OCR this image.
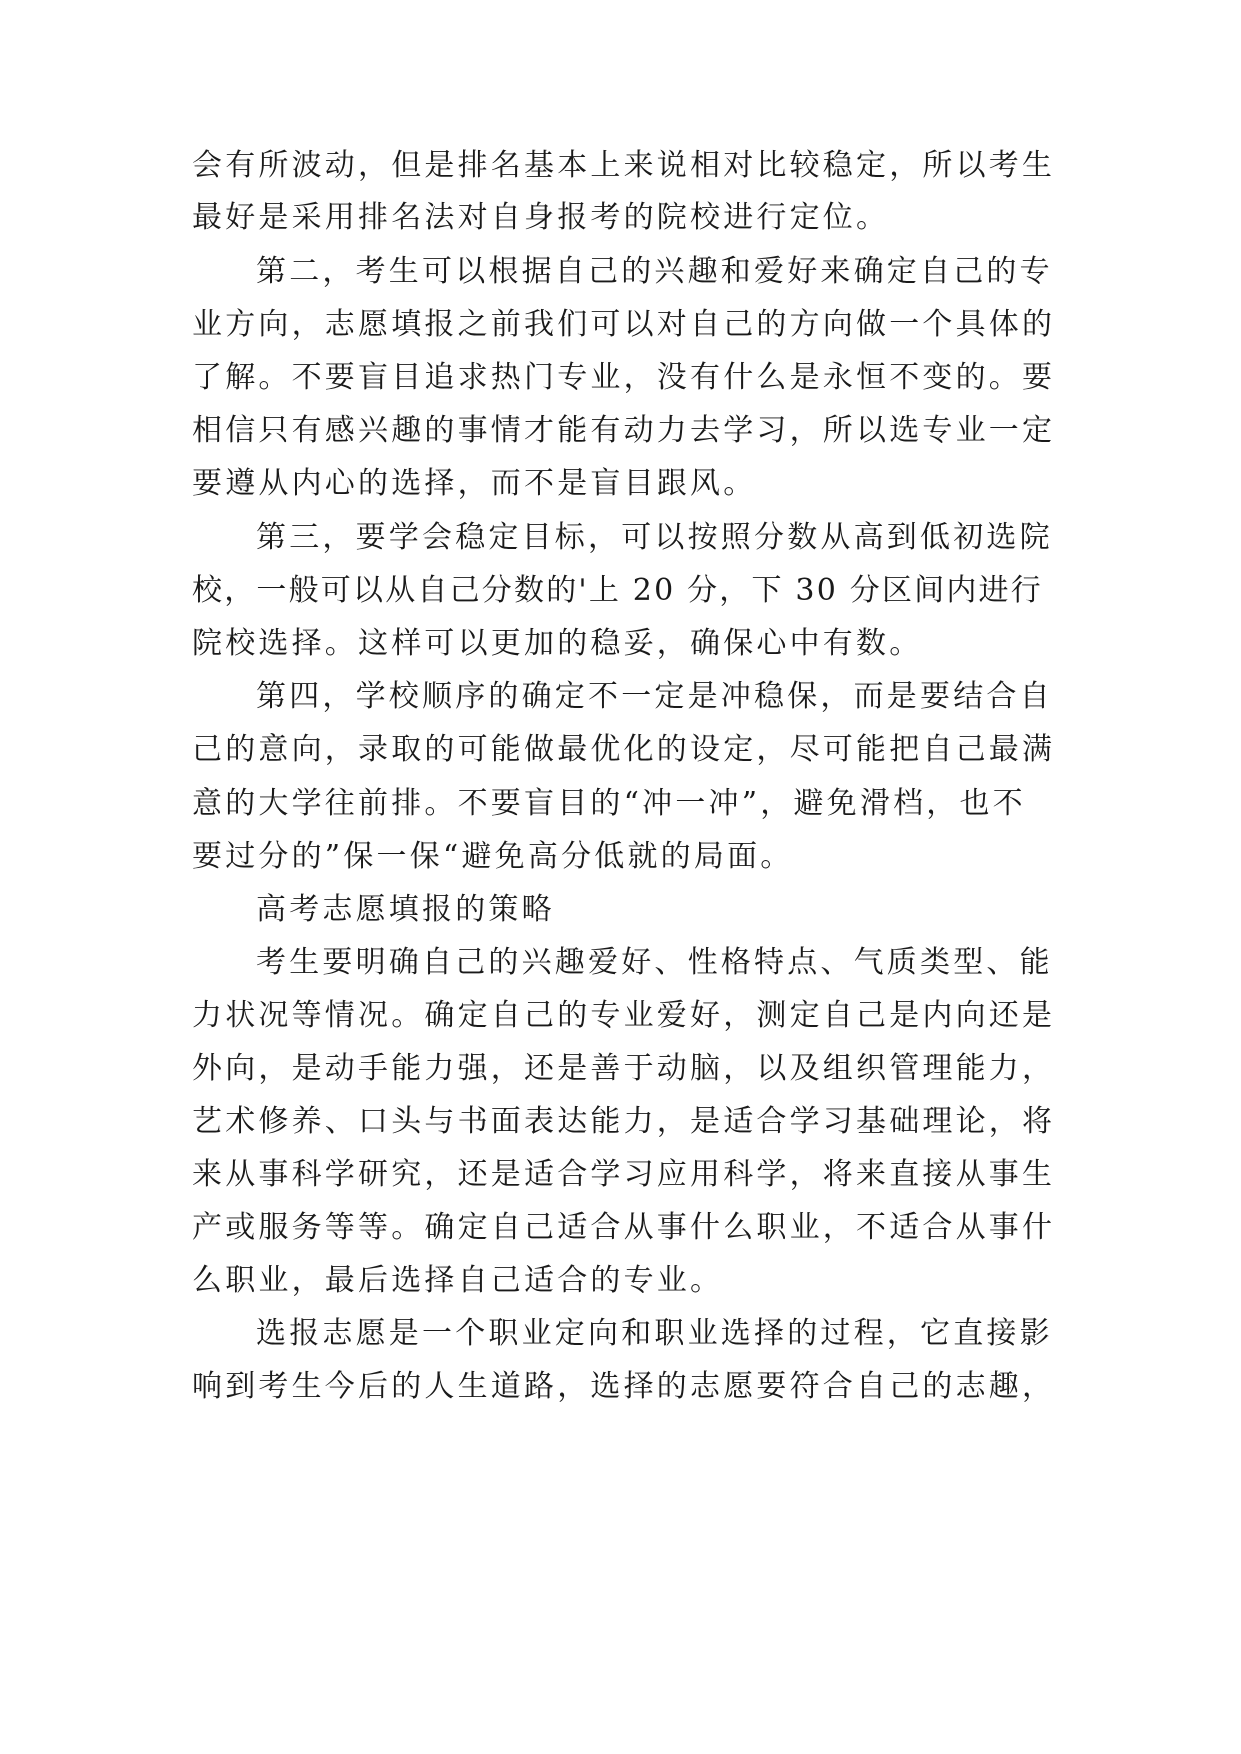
会有所波动，但是排名基本上来说相对比较稳定，所以考生
最好是采用排名法对自身报考的院校进行定位。
第二，考生可以根据自己的兴趣和爱好来确定自己的专
业方向，志愿填报之前我们可以对自己的方向做一个具体的
了解。不要盲目追求热门专业，没有什么是永恒不变的。要
相信只有感兴趣的事情才能有动力去学习，所以选专业一定
要遵从内心的选择，而不是盲目跟风。
第三，要学会稳定目标，可以按照分数从高到低初选院
校，一般可以从自己分数的'上 20 分，下 30 分区间内进行
院校选择。这样可以更加的稳妥，确保心中有数。
第四，学校顺序的确定不一定是冲稳保，而是要结合自
己的意向，录取的可能做最优化的设定，尽可能把自己最满
意的大学往前排。不要盲目的“冲一冲”，避免滑档，也不
要过分的”保一保“避免高分低就的局面。
高考志愿填报的策略
考生要明确自己的兴趣爱好、性格特点、气质类型、能
力状况等情况。确定自己的专业爱好，测定自己是内向还是
外向，是动手能力强，还是善于动脑，以及组织管理能力，
艺术修养、口头与书面表达能力，是适合学习基础理论，将
来从事科学研究，还是适合学习应用科学，将来直接从事生
产或服务等等。确定自己适合从事什么职业，不适合从事什
么职业，最后选择自己适合的专业。
选报志愿是一个职业定向和职业选择的过程，它直接影
响到考生今后的人生道路，选择的志愿要符合自己的志趣，
